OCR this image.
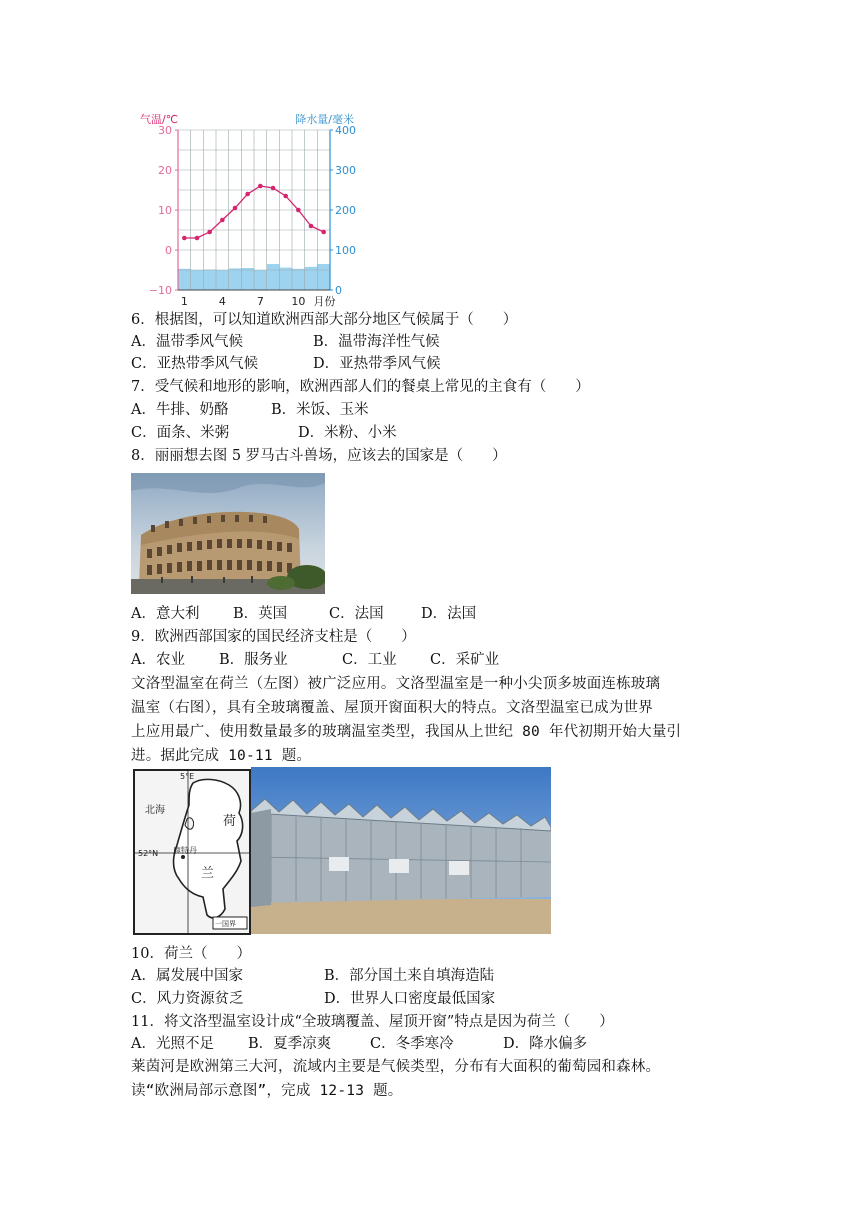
气温/℃	降水量/毫米
30
20
10
0
−10
400
300
200
100
0
1	4	7	10 月份
6．根据图，可以知道欧洲西部大部分地区气候属于（　　）
A．温带季风气候	B．温带海洋性气候
C．亚热带季风气候	D．亚热带季风气候
7．受气候和地形的影响，欧洲西部人们的餐桌上常见的主食有（　　）
A．牛排、奶酪	B．米饭、玉米
C．面条、米粥	D．米粉、小米
8．丽丽想去图 5 罗马古斗兽场，应该去的国家是（　　）
A．意大利 B．英国	C．法国	D．法国
9．欧洲西部国家的国民经济支柱是（　　）
A．农业 B．服务业	C．工业 C．采矿业
文洛型温室在荷兰（左图）被广泛应用。文洛型温室是一种小尖顶多坡面连栋玻璃
温室（右图），具有全玻璃覆盖、屋顶开窗面积大的特点。文洛型温室已成为世界
上应用最广、使用数量最多的玻璃温室类型，我国从上世纪 80 年代初期开始大量引
进。据此完成 10-11 题。
5°E
52°N
北海
鹿特丹
荷
兰
一国界
10．荷兰（　　）
A．属发展中国家	B．部分国土来自填海造陆
C．风力资源贫乏	D．世界人口密度最低国家
11．将文洛型温室设计成“全玻璃覆盖、屋顶开窗”特点是因为荷兰（　　）
A．光照不足 B．夏季凉爽	C．冬季寒冷	D．降水偏多
莱茵河是欧洲第三大河，流域内主要是气候类型，分布有大面积的葡萄园和森林。
读“欧洲局部示意图”，完成 12-13 题。
